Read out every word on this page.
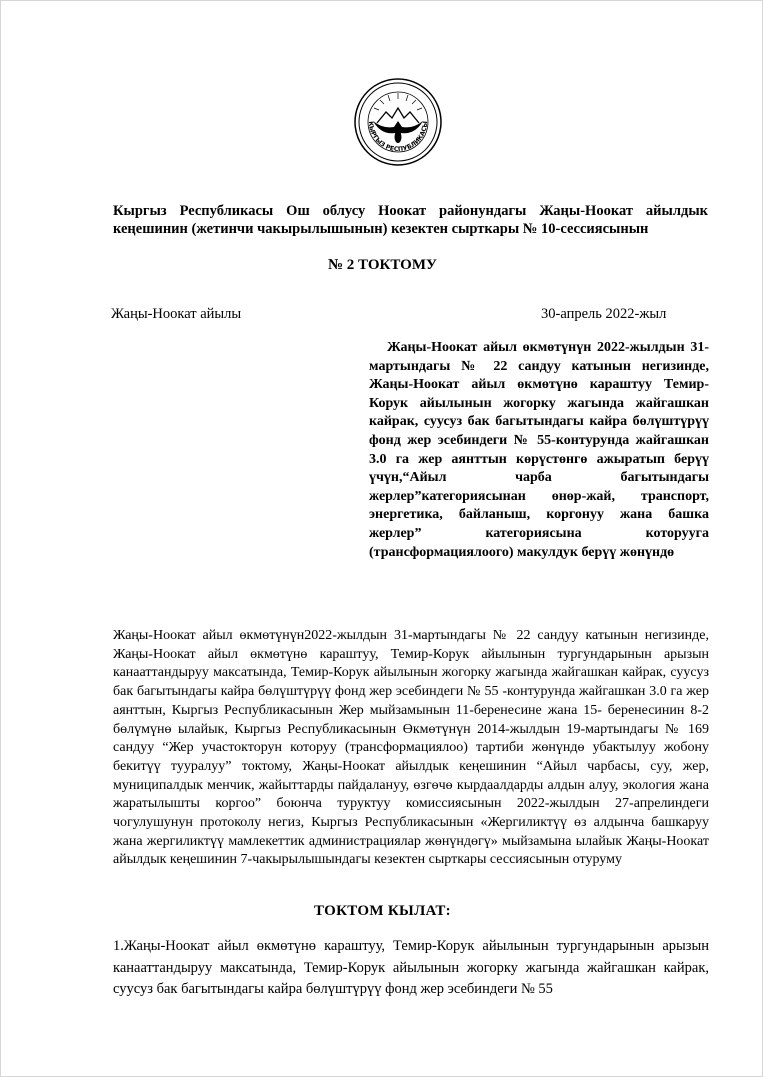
КЫРГЫЗ РЕСПУБЛИКАСЫ
Кыргыз Республикасы Ош облусу Ноокат районундагы Жаңы-Ноокат айылдык кеңешинин (жетинчи чакырылышынын) кезектен сырткары № 10-сессиясынын
№ 2 ТОКТОМУ
Жаңы-Ноокат айылы	30-апрель 2022-жыл
Жаңы-Ноокат айыл өкмөтүнүн 2022-жылдын 31-мартындагы № 22 сандуу катынын негизинде, Жаңы-Ноокат айыл өкмөтүнө караштуу Темир-Корук айылынын жогорку жагында жайгашкан кайрак, суусуз бак багытындагы кайра бөлүштүрүү фонд жер эсебиндеги № 55-контурунда жайгашкан 3.0 га жер аянттын көрүстөнгө ажыратып берүү үчүн,“Айыл чарба багытындагы жерлер”категориясынан өнөр-жай, транспорт, энергетика, байланыш, коргонуу жана башка жерлер” категориясына которууга (трансформациялоого) макулдук берүү жөнүндө
Жаңы-Ноокат айыл өкмөтүнүн2022-жылдын 31-мартындагы № 22 сандуу катынын негизинде, Жаңы-Ноокат айыл өкмөтүнө караштуу, Темир-Корук айылынын тургундарынын арызын канааттандыруу максатында, Темир-Корук айылынын жогорку жагында жайгашкан кайрак, суусуз бак багытындагы кайра бөлүштүрүү фонд жер эсебиндеги № 55 -контурунда жайгашкан 3.0 га жер аянттын, Кыргыз Республикасынын Жер мыйзамынын 11-беренесине жана 15- беренесинин 8-2 бөлүмүнө ылайык, Кыргыз Республикасынын Өкмөтүнүн 2014-жылдын 19-мартындагы № 169 сандуу “Жер участокторун которуу (трансформациялоо) тартиби жөнүндө убактылуу жобону бекитүү тууралуу” токтому, Жаңы-Ноокат айылдык кеңешинин “Айыл чарбасы, суу, жер, муниципалдык менчик, жайыттарды пайдалануу, өзгөчө кырдаалдарды алдын алуу, экология жана жаратылышты коргоо” боюнча туруктуу комиссиясынын 2022-жылдын 27-апрелиндеги чогулушунун протоколу негиз, Кыргыз Республикасынын «Жергиликтүү өз алдынча башкаруу жана жергиликтүү мамлекеттик администрациялар жөнүндөгү» мыйзамына ылайык Жаңы-Ноокат айылдык кеңешинин 7-чакырылышындагы кезектен сырткары сессиясынын отуруму
ТОКТОМ КЫЛАТ:
1.Жаңы-Ноокат айыл өкмөтүнө караштуу, Темир-Корук айылынын тургундарынын арызын канааттандыруу максатында, Темир-Корук айылынын жогорку жагында жайгашкан кайрак, суусуз бак багытындагы кайра бөлүштүрүү фонд жер эсебиндеги № 55
